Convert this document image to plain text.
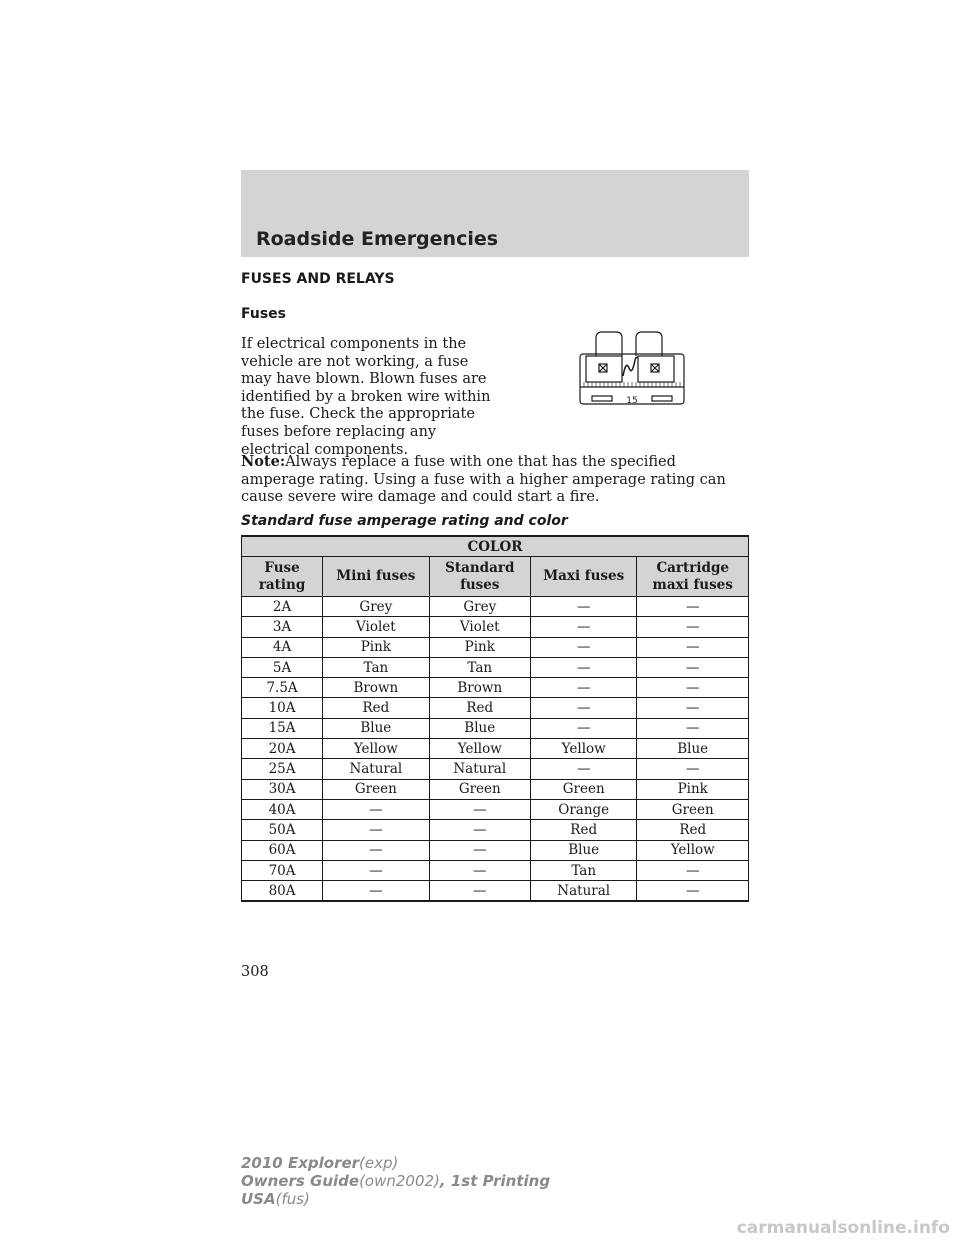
Roadside Emergencies
FUSES AND RELAYS
Fuses
If electrical components in the vehicle are not working, a fuse may have blown. Blown fuses are identified by a broken wire within the fuse. Check the appropriate fuses before replacing any electrical components.
15
Note:Always replace a fuse with one that has the specified amperage rating. Using a fuse with a higher amperage rating can cause severe wire damage and could start a fire.
Standard fuse amperage rating and color
COLOR				
Fuse rating	Mini fuses	Standard fuses	Maxi fuses	Cartridge maxi fuses
2A	Grey	Grey	—	—
3A	Violet	Violet	—	—
4A	Pink	Pink	—	—
5A	Tan	Tan	—	—
7.5A	Brown	Brown	—	—
10A	Red	Red	—	—
15A	Blue	Blue	—	—
20A	Yellow	Yellow	Yellow	Blue
25A	Natural	Natural	—	—
30A	Green	Green	Green	Pink
40A	—	—	Orange	Green
50A	—	—	Red	Red
60A	—	—	Blue	Yellow
70A	—	—	Tan	—
80A	—	—	Natural	—
308
2010 Explorer(exp)
Owners Guide(own2002), 1st Printing
USA(fus)
carmanualsonline.info
